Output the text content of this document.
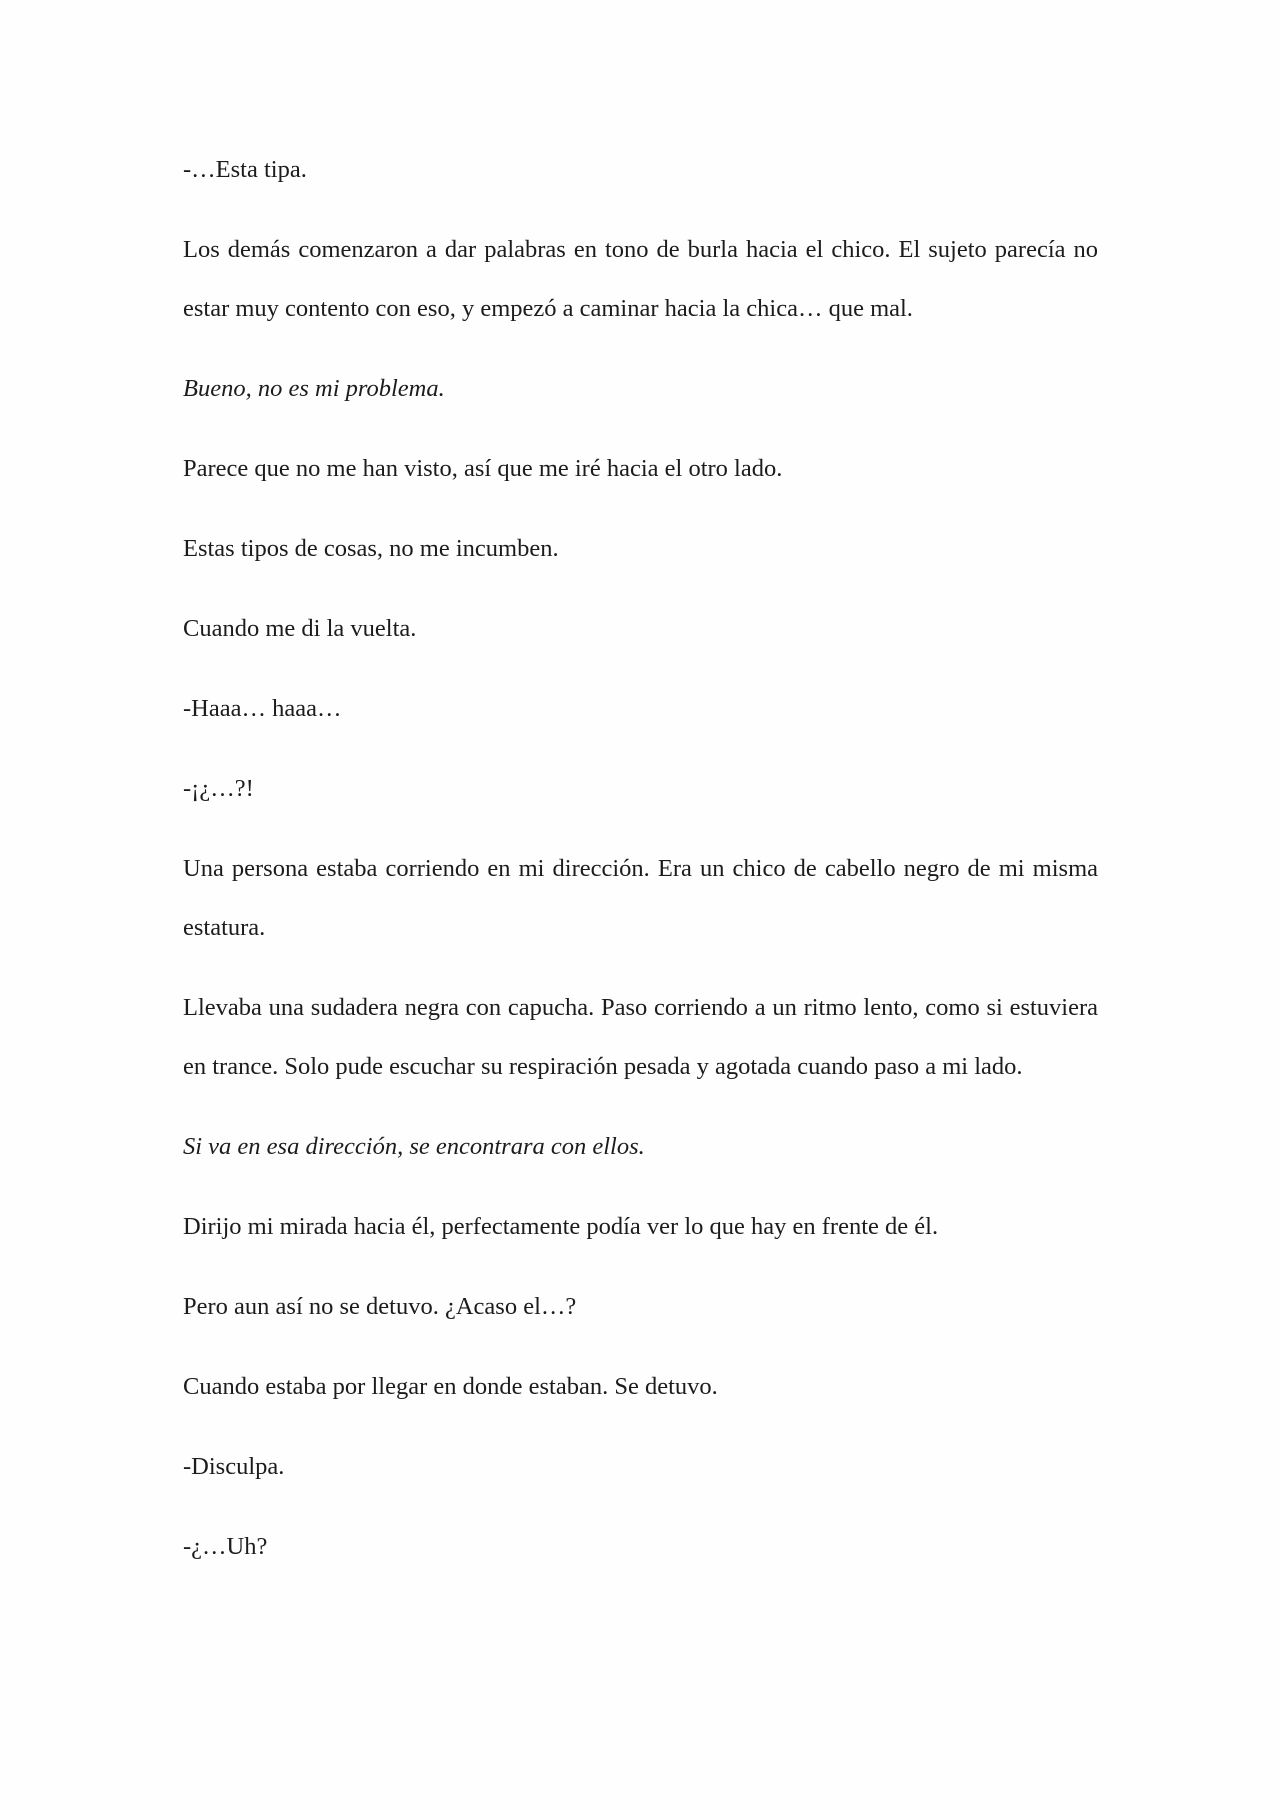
-…Esta tipa.

Los demás comenzaron a dar palabras en tono de burla hacia el chico. El sujeto parecía no estar muy contento con eso, y empezó a caminar hacia la chica… que mal.

Bueno, no es mi problema.

Parece que no me han visto, así que me iré hacia el otro lado.

Estas tipos de cosas, no me incumben.

Cuando me di la vuelta.

-Haaa… haaa…

-¡¿…?!

Una persona estaba corriendo en mi dirección. Era un chico de cabello negro de mi misma estatura.

Llevaba una sudadera negra con capucha. Paso corriendo a un ritmo lento, como si estuviera en trance. Solo pude escuchar su respiración pesada y agotada cuando paso a mi lado.

Si va en esa dirección, se encontrara con ellos.

Dirijo mi mirada hacia él, perfectamente podía ver lo que hay en frente de él.

Pero aun así no se detuvo. ¿Acaso el…?

Cuando estaba por llegar en donde estaban. Se detuvo.

-Disculpa.

-¿…Uh?
